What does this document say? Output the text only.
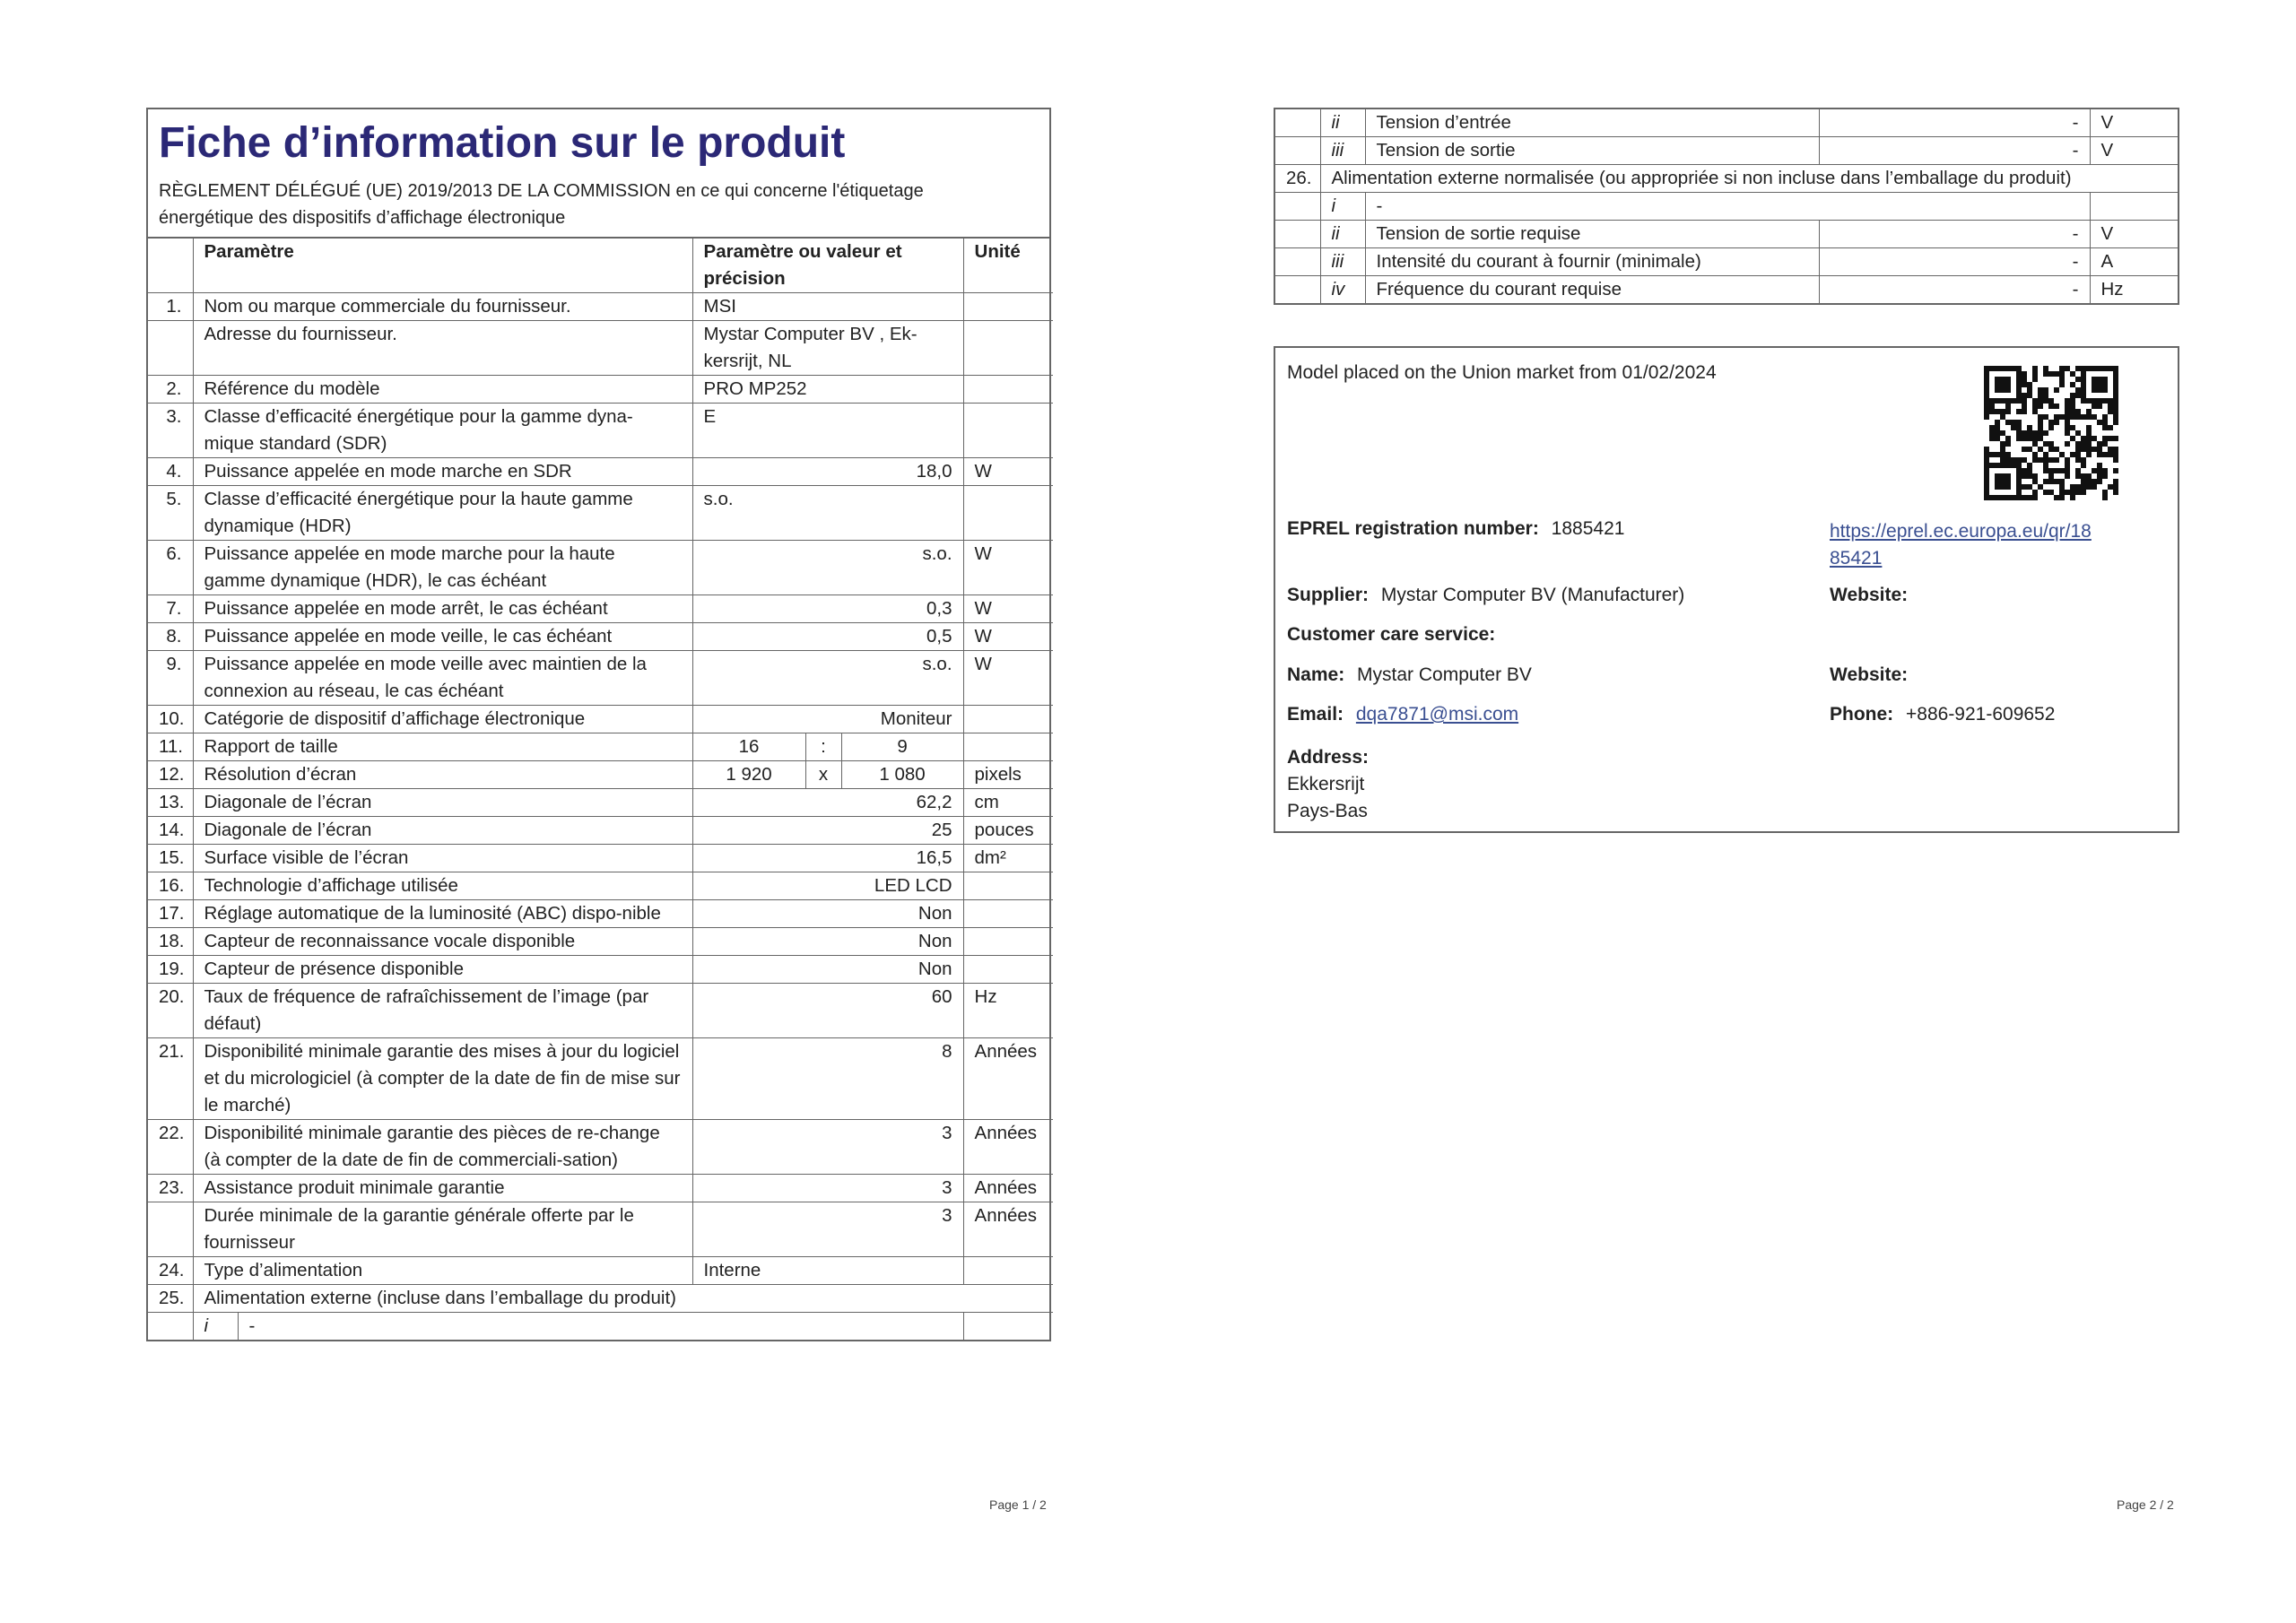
Fiche d’information sur le produit
RÈGLEMENT DÉLÉGUÉ (UE) 2019/2013 DE LA COMMISSION en ce qui concerne l'étiquetage
énergétique des dispositifs d’affichage électronique
	Paramètre		Paramètre ou valeur et précision			Unité
1.	Nom ou marque commerciale du fournisseur.		MSI			
	Adresse du fournisseur.		Mystar Computer BV , Ek-kersrijt, NL			
2.	Référence du modèle		PRO MP252			
3.	Classe d’efficacité énergétique pour la gamme dyna-mique standard (SDR)		E			
4.	Puissance appelée en mode marche en SDR		18,0			W
5.	Classe d’efficacité énergétique pour la haute gamme dynamique (HDR)		s.o.			
6.	Puissance appelée en mode marche pour la haute gamme dynamique (HDR), le cas échéant		s.o.			W
7.	Puissance appelée en mode arrêt, le cas échéant		0,3			W
8.	Puissance appelée en mode veille, le cas échéant		0,5			W
9.	Puissance appelée en mode veille avec maintien de la connexion au réseau, le cas échéant		s.o.			W
10.	Catégorie de dispositif d’affichage électronique		Moniteur			
11.	Rapport de taille		16	:	9	
12.	Résolution d’écran		1 920	x	1 080	pixels
13.	Diagonale de l’écran		62,2			cm
14.	Diagonale de l’écran		25			pouces
15.	Surface visible de l’écran		16,5			dm²
16.	Technologie d’affichage utilisée		LED LCD			
17.	Réglage automatique de la luminosité (ABC) dispo-nible		Non			
18.	Capteur de reconnaissance vocale disponible		Non			
19.	Capteur de présence disponible		Non			
20.	Taux de fréquence de rafraîchissement de l’image (par défaut)		60			Hz
21.	Disponibilité minimale garantie des mises à jour du logiciel et du micrologiciel (à compter de la date de fin de mise sur le marché)		8			Années
22.	Disponibilité minimale garantie des pièces de re-change (à compter de la date de fin de commerciali-sation)		3			Années
23.	Assistance produit minimale garantie		3			Années
	Durée minimale de la garantie générale offerte par le fournisseur		3			Années
24.	Type d’alimentation		Interne			
25.	Alimentation externe (incluse dans l’emballage du produit)					
	i	-				
Page 1 / 2
	ii	Tension d’entrée	-	V
	iii	Tension de sortie	-	V
26.	Alimentation externe normalisée (ou appropriée si non incluse dans l’emballage du produit)			
	i	-		
	ii	Tension de sortie requise	-	V
	iii	Intensité du courant à fournir (minimale)	-	A
	iv	Fréquence du courant requise	-	Hz
Model placed on the Union market from 01/02/2024
EPREL registration number: 1885421	https://eprel.ec.europa.eu/qr/18
85421
Supplier: Mystar Computer BV (Manufacturer)	Website:
Customer care service:
Name: Mystar Computer BV	Website:
Email: dqa7871@msi.com	Phone: +886-921-609652
Address:
Ekkersrijt
Pays-Bas
Page 2 / 2
